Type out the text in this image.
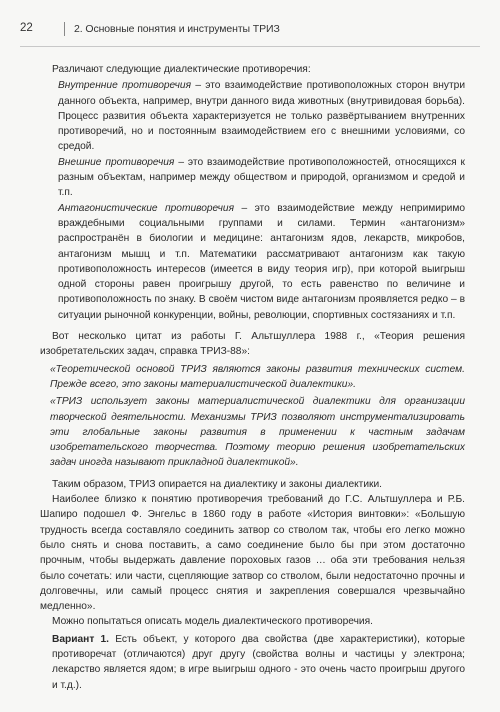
22	2. Основные понятия и инструменты ТРИЗ

Различают следующие диалектические противоречия:

Внутренние противоречия – это взаимодействие противоположных сторон внутри данного объекта, например, внутри данного вида животных (внутривидовая борьба). Процесс развития объекта характеризуется не только развёртыванием внутренних противоречий, но и постоянным взаимодействием его с внешними условиями, со средой.

Внешние противоречия – это взаимодействие противоположностей, относящихся к разным объектам, например между обществом и природой, организмом и средой и т.п.

Антагонистические противоречия – это взаимодействие между непримиримо враждебными социальными группами и силами. Термин «антагонизм» распространён в биологии и медицине: антагонизм ядов, лекарств, микробов, антагонизм мышц и т.п. Математики рассматривают антагонизм как такую противоположность интересов (имеется в виду теория игр), при которой выигрыш одной стороны равен проигрышу другой, то есть равенство по величине и противоположность по знаку. В своём чистом виде антагонизм проявляется редко – в ситуации рыночной конкуренции, войны, революции, спортивных состязаниях и т.п.

Вот несколько цитат из работы Г. Альтшуллера 1988 г., «Теория решения изобретательских задач, справка ТРИЗ-88»:

«Теоретической основой ТРИЗ являются законы развития технических систем. Прежде всего, это законы материалистической диалектики».

«ТРИЗ использует законы материалистической диалектики для организации творческой деятельности. Механизмы ТРИЗ позволяют инструментализировать эти глобальные законы развития в применении к частным задачам изобретательского творчества. Поэтому теорию решения изобретательских задач иногда называют прикладной диалектикой».

Таким образом, ТРИЗ опирается на диалектику и законы диалектики.

Наиболее близко к понятию противоречия требований до Г.С. Альтшуллера и Р.Б. Шапиро подошел Ф. Энгельс в 1860 году в работе «История винтовки»: «Большую трудность всегда составляло соединить затвор со стволом так, чтобы его легко можно было снять и снова поставить, а само соединение было бы при этом достаточно прочным, чтобы выдержать давление пороховых газов … оба эти требования нельзя было сочетать: или части, сцепляющие затвор со стволом, были недостаточно прочны и долговечны, или самый процесс снятия и закрепления совершался чрезвычайно медленно».

Можно попытаться описать модель диалектического противоречия.

Вариант 1. Есть объект, у которого два свойства (две характеристики), которые противоречат (отличаются) друг другу (свойства волны и частицы у электрона; лекарство является ядом; в игре выигрыш одного - это очень часто проигрыш другого и т.д.).
